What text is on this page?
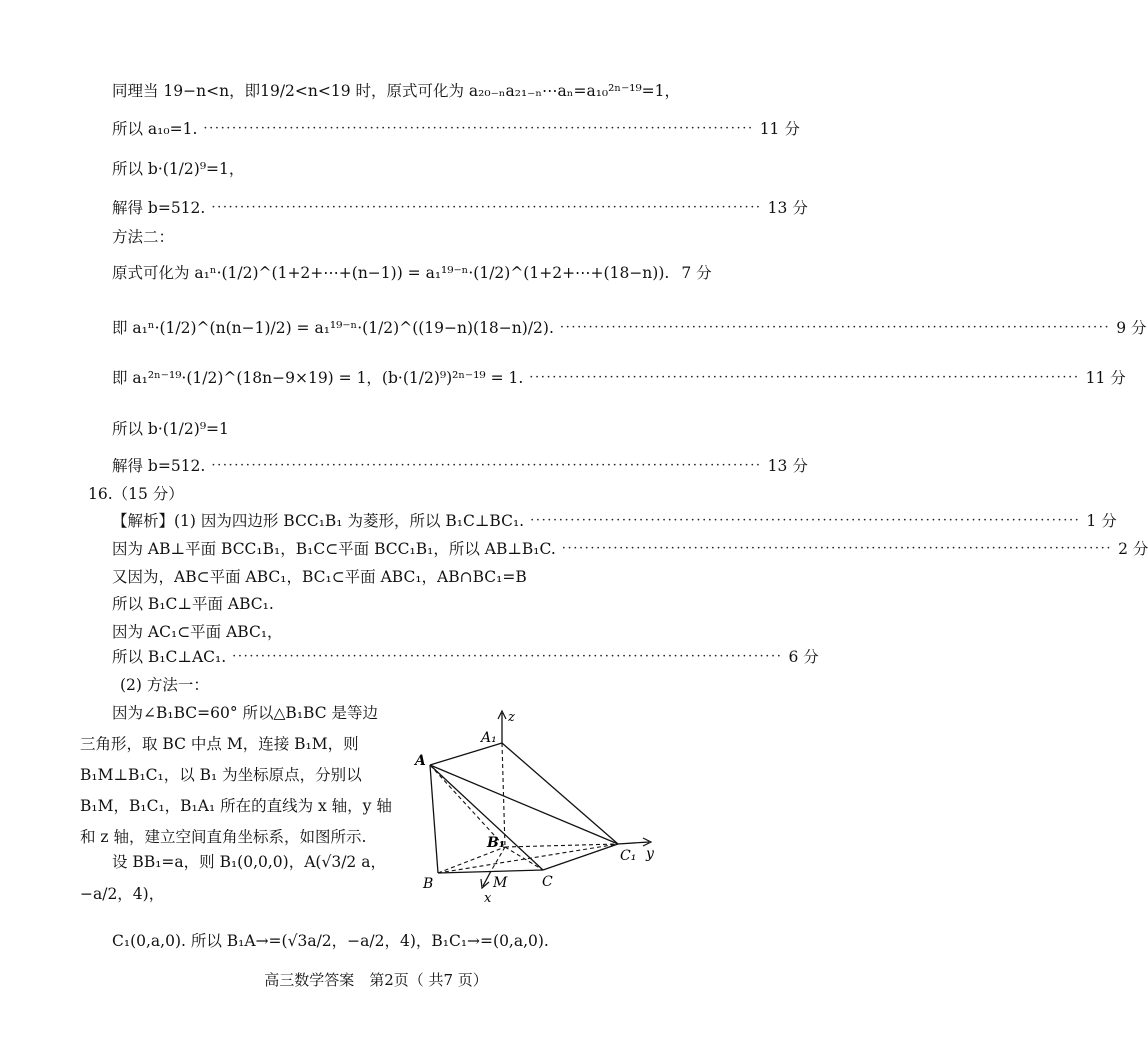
同理当 19−n<n，即19/2<n<19 时，原式可化为 a₂₀₋ₙa₂₁₋ₙ⋯aₙ=a₁₀²ⁿ⁻¹⁹=1，
所以 a₁₀=1. ································································································ 11 分
所以 b·(1/2)⁹=1，
解得 b=512. ································································································ 13 分
方法二：
原式可化为 a₁ⁿ·(1/2)^(1+2+⋯+(n−1)) = a₁¹⁹⁻ⁿ·(1/2)^(1+2+⋯+(18−n)). 7 分
即 a₁ⁿ·(1/2)^(n(n−1)/2) = a₁¹⁹⁻ⁿ·(1/2)^((19−n)(18−n)/2). ································································································ 9 分
即 a₁²ⁿ⁻¹⁹·(1/2)^(18n−9×19) = 1，(b·(1/2)⁹)²ⁿ⁻¹⁹ = 1. ································································································ 11 分
所以 b·(1/2)⁹=1
解得 b=512. ································································································ 13 分
16.（15 分）
【解析】(1) 因为四边形 BCC₁B₁ 为菱形，所以 B₁C⊥BC₁. ································································································ 1 分
因为 AB⊥平面 BCC₁B₁，B₁C⊂平面 BCC₁B₁，所以 AB⊥B₁C. ································································································ 2 分
又因为，AB⊂平面 ABC₁，BC₁⊂平面 ABC₁，AB∩BC₁=B
所以 B₁C⊥平面 ABC₁.
因为 AC₁⊂平面 ABC₁，
所以 B₁C⊥AC₁. ································································································ 6 分
(2) 方法一：
因为∠B₁BC=60° 所以△B₁BC 是等边三角形，取 BC 中点 M，连接 B₁M，则 B₁M⊥B₁C₁，以 B₁ 为坐标原点，分别以 B₁M，B₁C₁，B₁A₁ 所在的直线为 x 轴，y 轴和 z 轴，建立空间直角坐标系，如图所示.
设 BB₁=a，则 B₁(0,0,0)，A(√3/2 a，−a/2，4)，
A₁
z
A
B₁
C₁ y
B	M C
x
C₁(0,a,0). 所以 B₁A→=(√3a/2，−a/2，4)，B₁C₁→=(0,a,0).
高三数学答案　第2页（ 共7 页）
